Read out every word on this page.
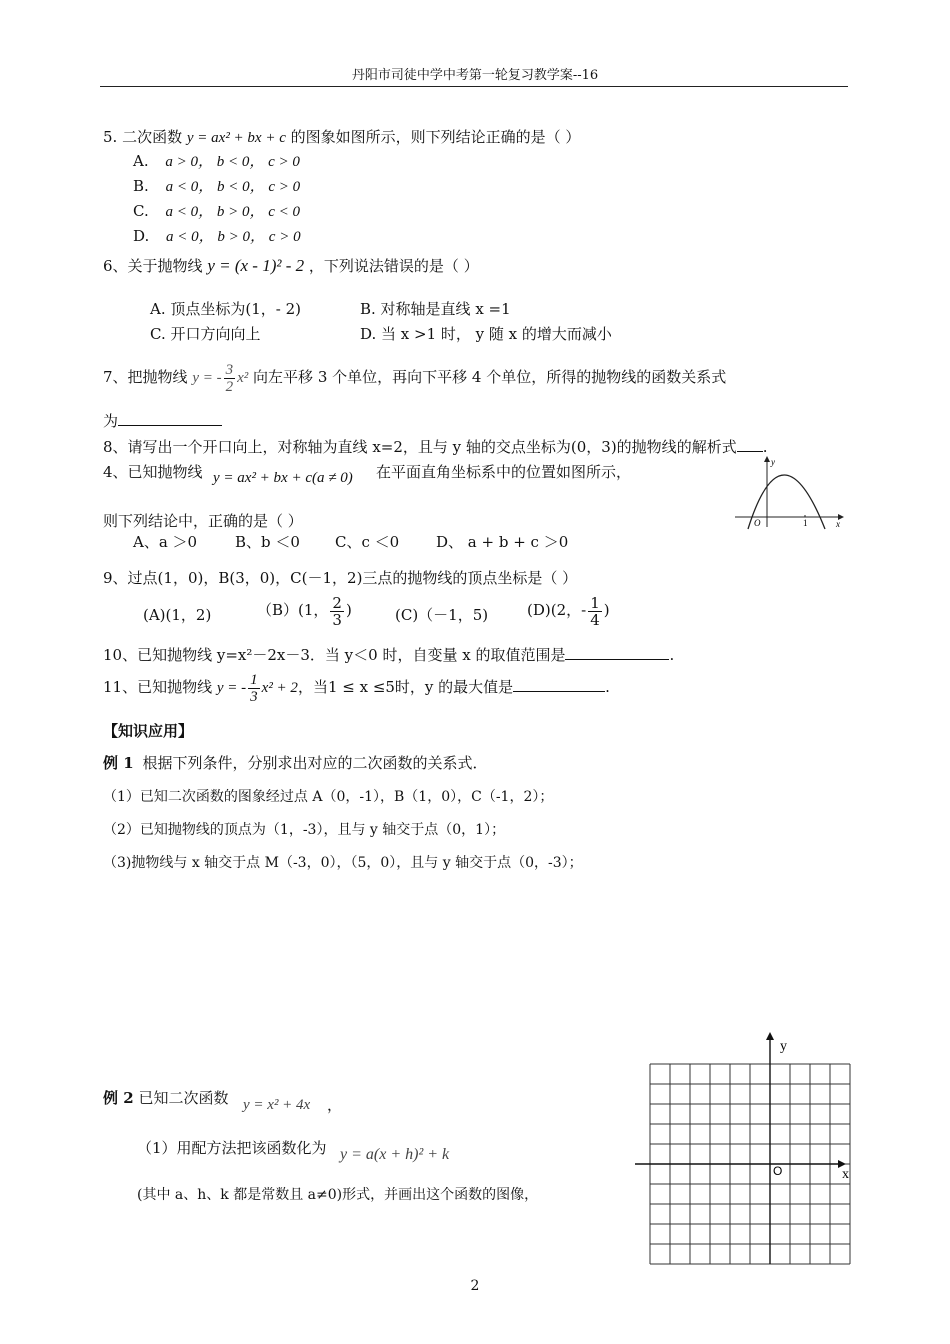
丹阳市司徒中学中考第一轮复习教学案--16
5. 二次函数 y = ax² + bx + c 的图象如图所示，则下列结论正确的是（ ）
A. a > 0， b < 0， c > 0
B. a < 0， b < 0， c > 0
C. a < 0， b > 0， c < 0
D. a < 0， b > 0， c > 0
6、关于抛物线 y = (x - 1)² - 2 ，下列说法错误的是（ ）
A. 顶点坐标为(1，- 2)	B. 对称轴是直线 x =1
C. 开口方向向上	D. 当 x >1 时， y 随 x 的增大而减小
7、把抛物线 y = - $\frac{3}{2} x^2$ 向左平移 3 个单位，再向下平移 4 个单位，所得的抛物线的函数关系式
为
8、请写出一个开口向上，对称轴为直线 x=2，且与 y 轴的交点坐标为(0，3)的抛物线的解析式 .
4、已知抛物线 y = ax² + bx + c(a ≠ 0) 在平面直角坐标系中的位置如图所示，
则下列结论中，正确的是（ ）
A、a ＞0	B、b ＜0 C、c ＜0 D、 a + b + c ＞0
y
x
O	1
9、过点(1，0)，B(3，0)，C(－1，2)三点的抛物线的顶点坐标是（ ）
(A)(1，2)	（B）(1， $\frac{2}{3}$ )	(C)（－1，5)	(D)(2，- $\frac{1}{4}$ )
10、已知抛物线 y=x²－2x－3．当 y＜0 时，自变量 x 的取值范围是	.
11、已知抛物线 y = - $\frac{1}{3} x^2 + 2$，当1 ≤ x ≤5时，y 的最大值是	.
【知识应用】
例 1 根据下列条件，分别求出对应的二次函数的关系式．
（1）已知二次函数的图象经过点 A（0，-1），B（1，0），C（-1，2）；
（2）已知抛物线的顶点为（1，-3），且与 y 轴交于点（0，1）；
（3)抛物线与 x 轴交于点 M（-3，0），（5，0），且与 y 轴交于点（0，-3）；
例 2 已知二次函数 y = x² + 4x ，
（1）用配方法把该函数化为 y = a(x + h)² + k
(其中 a、h、k 都是常数且 a≠0)形式，并画出这个函数的图像，
y
x
O
2
